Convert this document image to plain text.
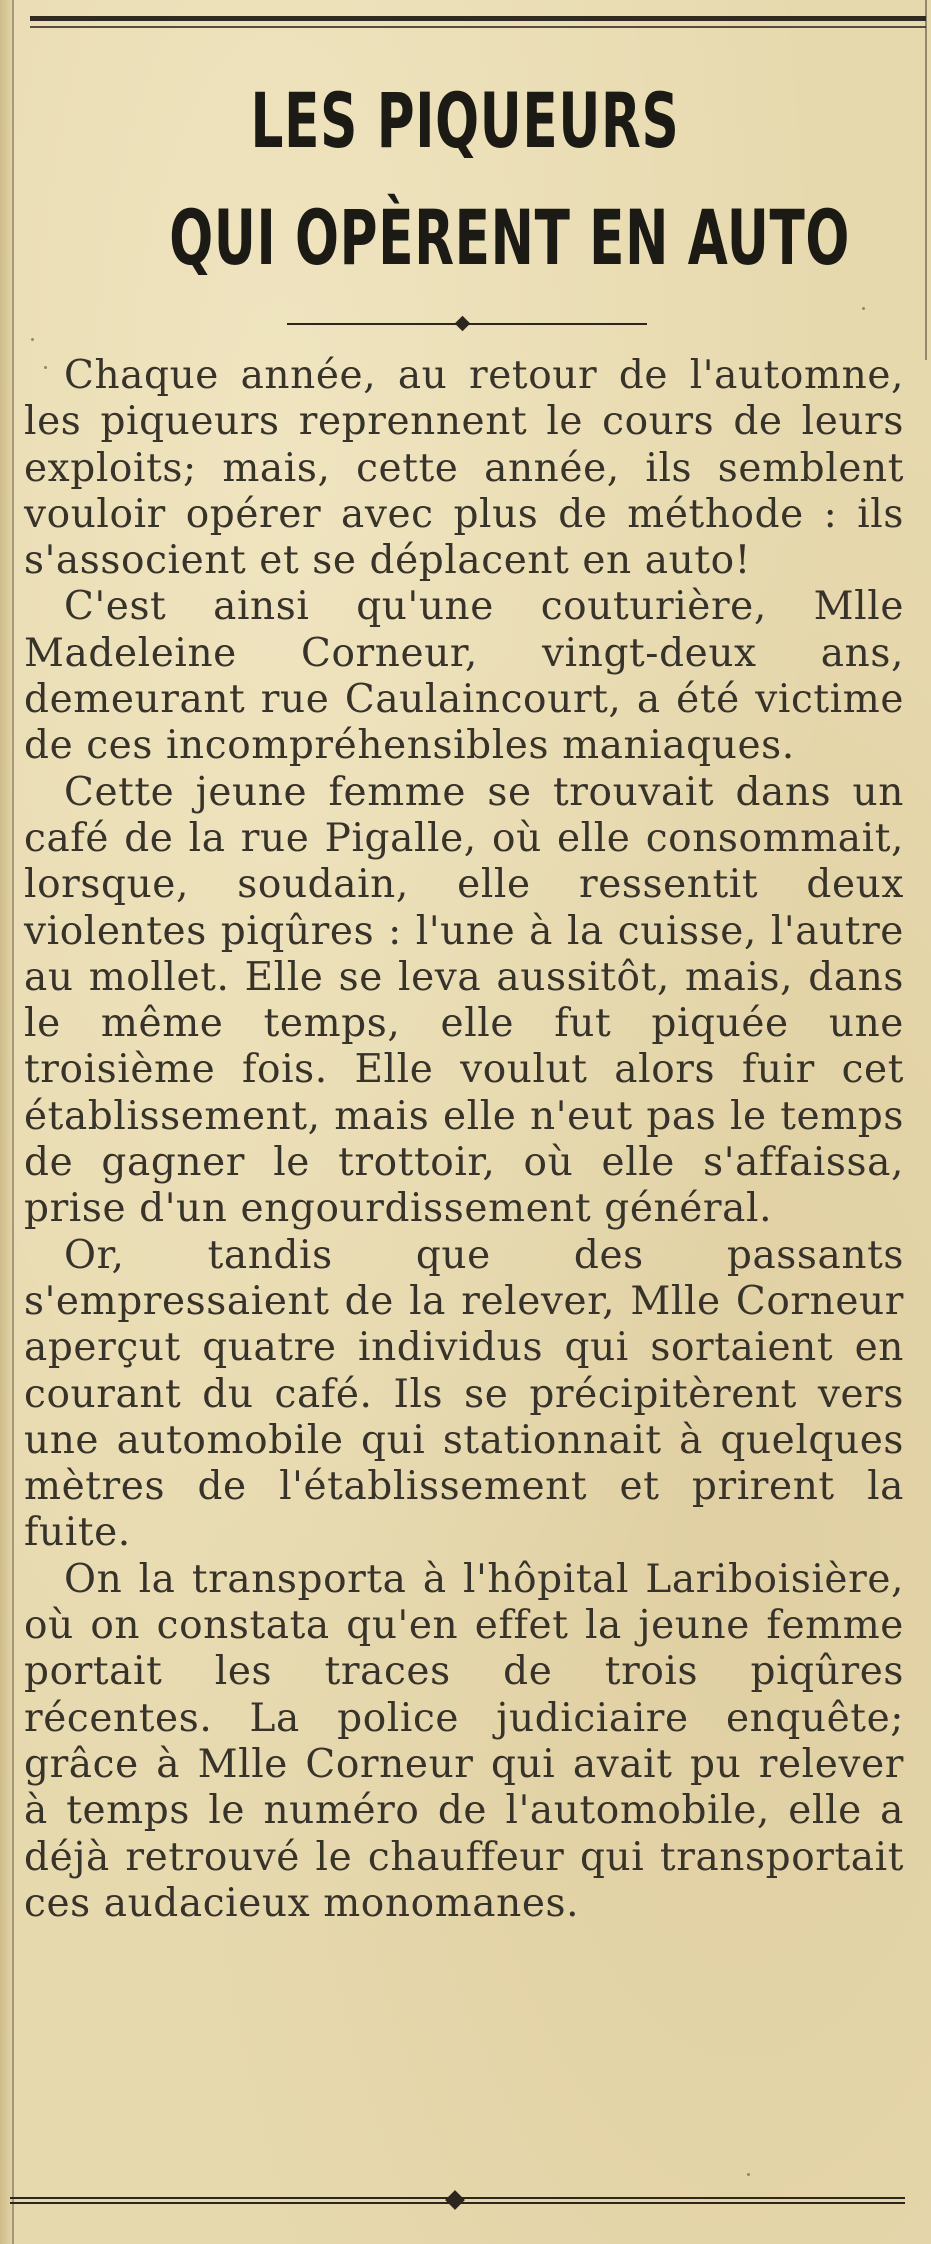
LES PIQUEURS
QUI OPÈRENT EN AUTO

Chaque année, au retour de l'automne, les piqueurs reprennent le cours de leurs exploits; mais, cette année, ils semblent vouloir opérer avec plus de méthode : ils s'associent et se déplacent en auto!

C'est ainsi qu'une couturière, Mlle Madeleine Corneur, vingt-deux ans, demeurant rue Caulaincourt, a été victime de ces incompréhensibles maniaques.

Cette jeune femme se trouvait dans un café de la rue Pigalle, où elle consommait, lorsque, soudain, elle ressentit deux violentes piqûres : l'une à la cuisse, l'autre au mollet. Elle se leva aussitôt, mais, dans le même temps, elle fut piquée une troisième fois. Elle voulut alors fuir cet établissement, mais elle n'eut pas le temps de gagner le trottoir, où elle s'affaissa, prise d'un engourdissement général.

Or, tandis que des passants s'empressaient de la relever, Mlle Corneur aperçut quatre individus qui sortaient en courant du café. Ils se précipitèrent vers une automobile qui stationnait à quelques mètres de l'établissement et prirent la fuite.

On la transporta à l'hôpital Lariboisière, où on constata qu'en effet la jeune femme portait les traces de trois piqûres récentes. La police judiciaire enquête; grâce à Mlle Corneur qui avait pu relever à temps le numéro de l'automobile, elle a déjà retrouvé le chauffeur qui transportait ces audacieux monomanes.
